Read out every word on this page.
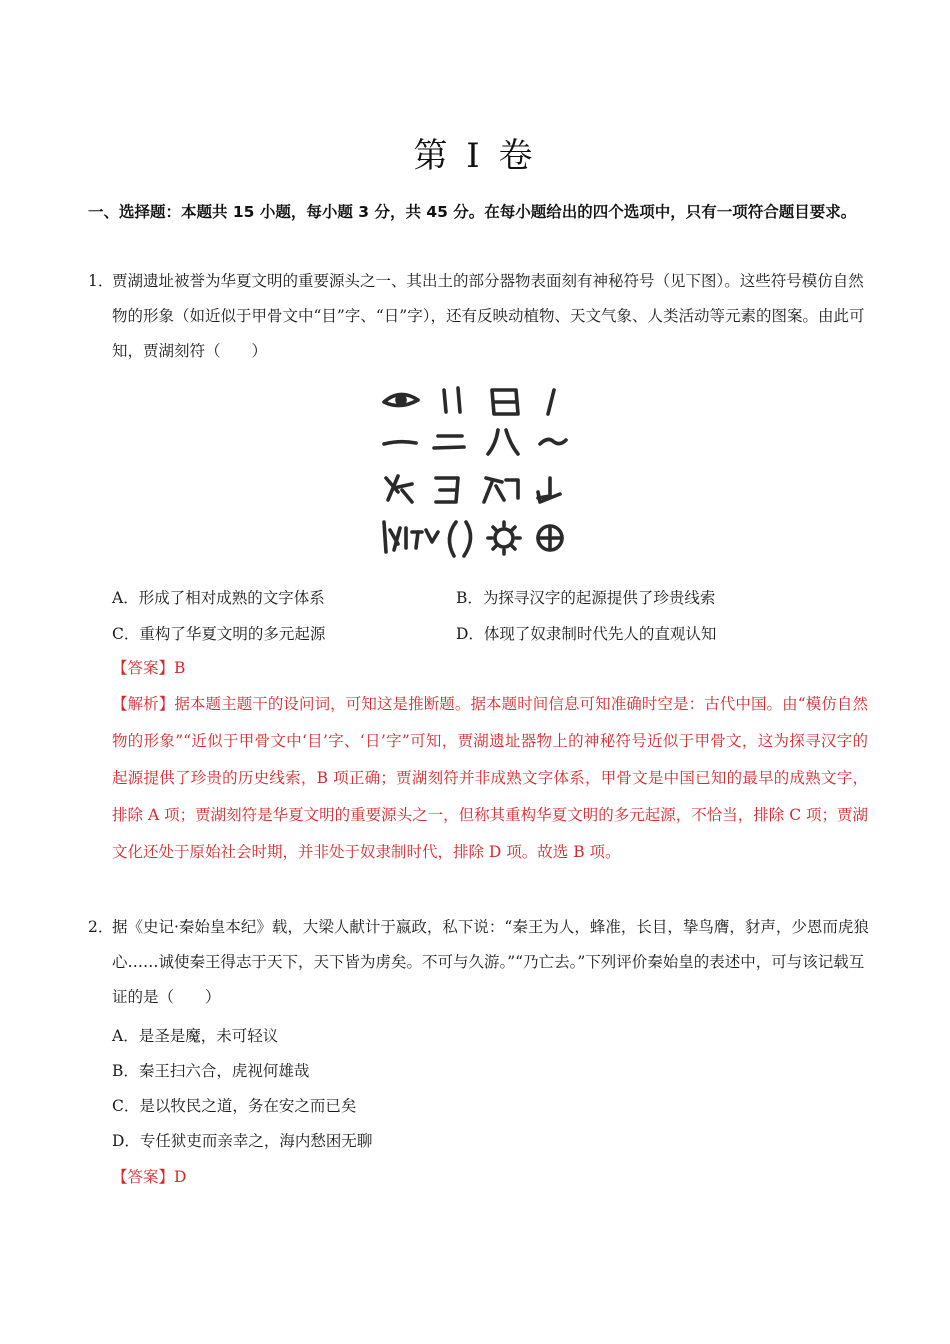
第 I 卷
一、选择题：本题共 15 小题，每小题 3 分，共 45 分。在每小题给出的四个选项中，只有一项符合题目要求。
1．
贾湖遗址被誉为华夏文明的重要源头之一、其出土的部分器物表面刻有神秘符号（见下图）。这些符号模仿自然物的形象（如近似于甲骨文中“目”字、“日”字），还有反映动植物、天文气象、人类活动等元素的图案。由此可知，贾湖刻符（　　）
A．形成了相对成熟的文字体系	B．为探寻汉字的起源提供了珍贵线索
C．重构了华夏文明的多元起源	D．体现了奴隶制时代先人的直观认知
【答案】B
【解析】据本题主题干的设问词，可知这是推断题。据本题时间信息可知准确时空是：古代中国。由“模仿自然物的形象”“近似于甲骨文中‘目’字、‘日’字”可知，贾湖遗址器物上的神秘符号近似于甲骨文，这为探寻汉字的起源提供了珍贵的历史线索，B 项正确；贾湖刻符并非成熟文字体系，甲骨文是中国已知的最早的成熟文字，排除 A 项；贾湖刻符是华夏文明的重要源头之一，但称其重构华夏文明的多元起源，不恰当，排除 C 项；贾湖文化还处于原始社会时期，并非处于奴隶制时代，排除 D 项。故选 B 项。
2．
据《史记·秦始皇本纪》载，大梁人献计于嬴政，私下说：“秦王为人，蜂准，长目，挚鸟膺，豺声，少恩而虎狼心……诚使秦王得志于天下，天下皆为虏矣。不可与久游。”“乃亡去。”下列评价秦始皇的表述中，可与该记载互证的是（　　）
A．是圣是魔，未可轻议
B．秦王扫六合，虎视何雄哉
C．是以牧民之道，务在安之而已矣
D．专任狱吏而亲幸之，海内愁困无聊
【答案】D
